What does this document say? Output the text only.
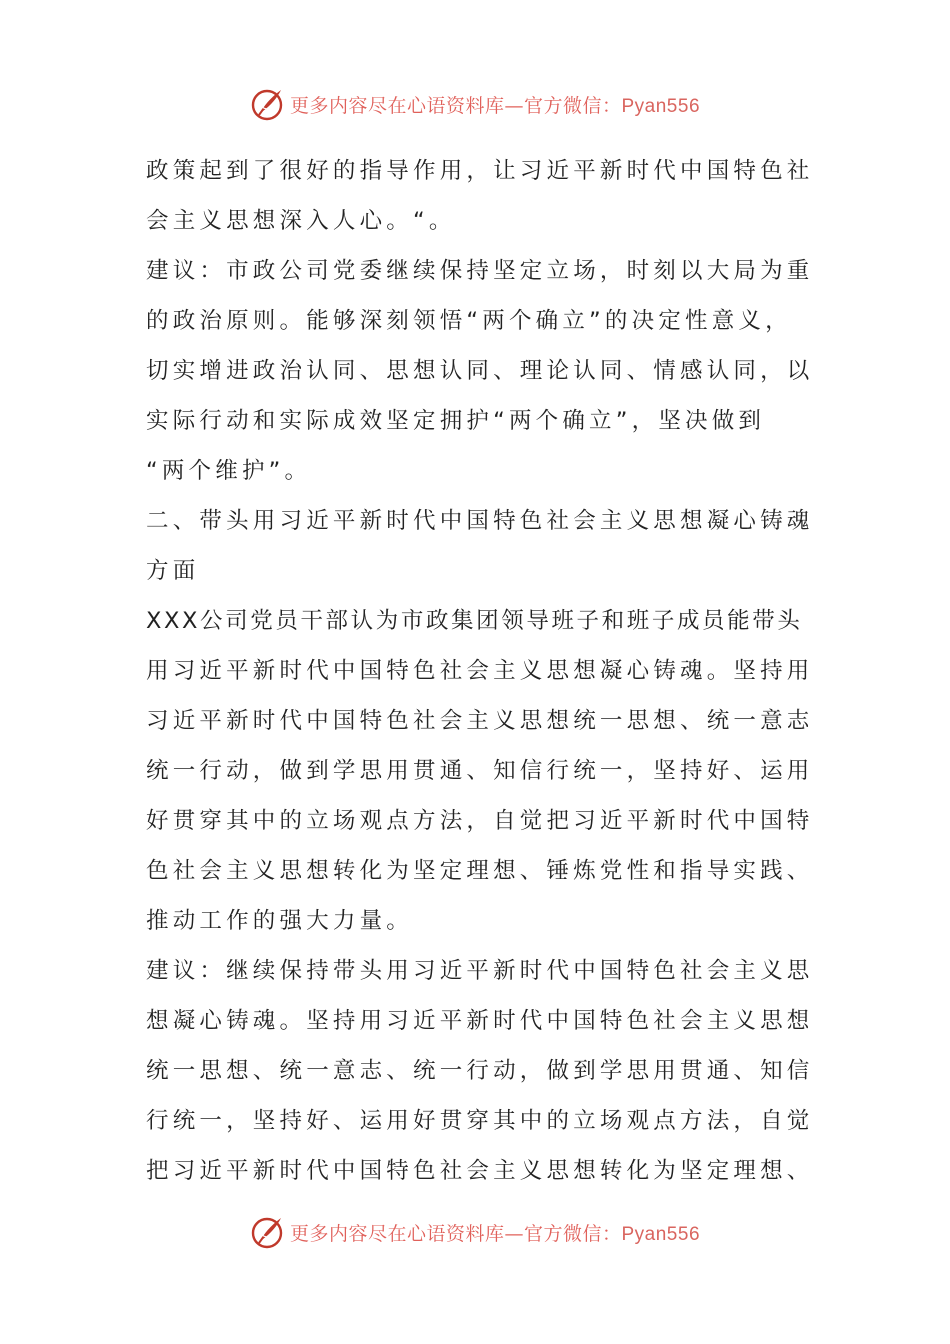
更多内容尽在心语资料库—官方微信：Pyan556
政策起到了很好的指导作用，让习近平新时代中国特色社
会主义思想深入人心。“。
建议：市政公司党委继续保持坚定立场，时刻以大局为重
的政治原则。能够深刻领悟“两个确立”的决定性意义，
切实增进政治认同、思想认同、理论认同、情感认同，以
实际行动和实际成效坚定拥护“两个确立”，坚决做到
“两个维护”。
二、带头用习近平新时代中国特色社会主义思想凝心铸魂
方面
XXX公司党员干部认为市政集团领导班子和班子成员能带头
用习近平新时代中国特色社会主义思想凝心铸魂。坚持用
习近平新时代中国特色社会主义思想统一思想、统一意志
统一行动，做到学思用贯通、知信行统一，坚持好、运用
好贯穿其中的立场观点方法，自觉把习近平新时代中国特
色社会主义思想转化为坚定理想、锤炼党性和指导实践、
推动工作的强大力量。
建议：继续保持带头用习近平新时代中国特色社会主义思
想凝心铸魂。坚持用习近平新时代中国特色社会主义思想
统一思想、统一意志、统一行动，做到学思用贯通、知信
行统一，坚持好、运用好贯穿其中的立场观点方法，自觉
把习近平新时代中国特色社会主义思想转化为坚定理想、
更多内容尽在心语资料库—官方微信：Pyan556
